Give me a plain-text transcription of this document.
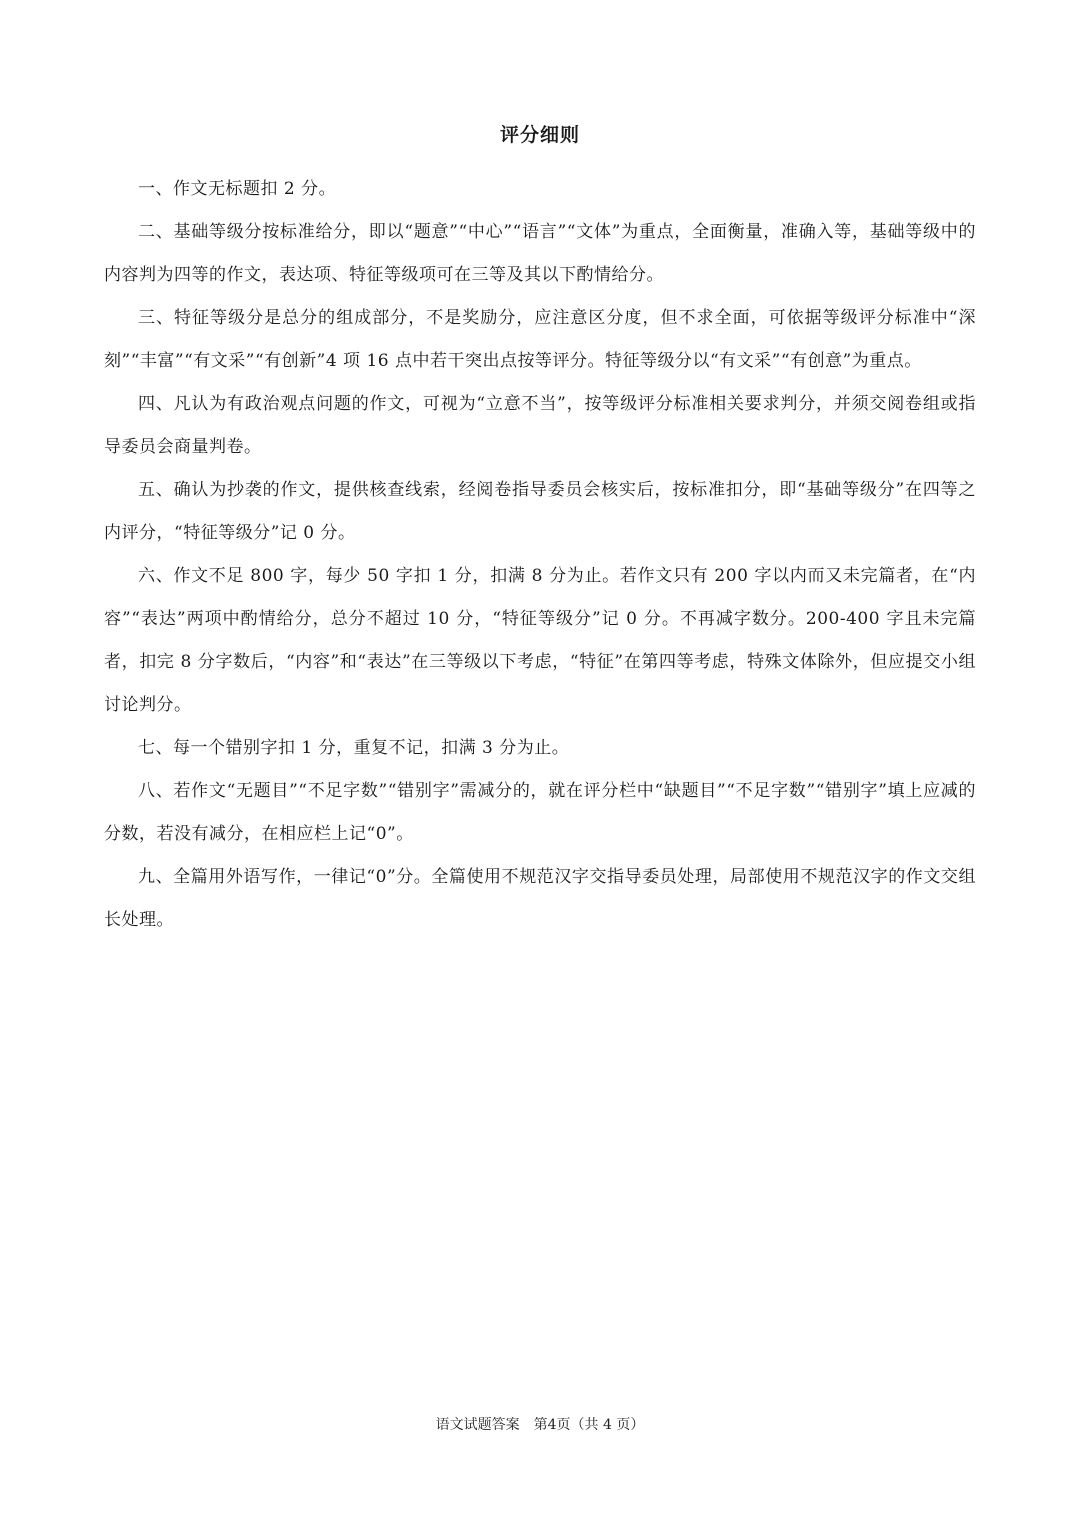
评分细则

一、作文无标题扣 2 分。

二、基础等级分按标准给分，即以“题意”“中心”“语言”“文体”为重点，全面衡量，准确入等，基础等级中的内容判为四等的作文，表达项、特征等级项可在三等及其以下酌情给分。

三、特征等级分是总分的组成部分，不是奖励分，应注意区分度，但不求全面，可依据等级评分标准中“深刻”“丰富”“有文采”“有创新”4 项 16 点中若干突出点按等评分。特征等级分以“有文采”“有创意”为重点。

四、凡认为有政治观点问题的作文，可视为“立意不当”，按等级评分标准相关要求判分，并须交阅卷组或指导委员会商量判卷。

五、确认为抄袭的作文，提供核查线索，经阅卷指导委员会核实后，按标准扣分，即“基础等级分”在四等之内评分，“特征等级分”记 0 分。

六、作文不足 800 字，每少 50 字扣 1 分，扣满 8 分为止。若作文只有 200 字以内而又未完篇者，在“内容”“表达”两项中酌情给分，总分不超过 10 分，“特征等级分”记 0 分。不再减字数分。200-400 字且未完篇者，扣完 8 分字数后，“内容”和“表达”在三等级以下考虑，“特征”在第四等考虑，特殊文体除外，但应提交小组讨论判分。

七、每一个错别字扣 1 分，重复不记，扣满 3 分为止。

八、若作文“无题目”“不足字数”“错别字”需减分的，就在评分栏中“缺题目”“不足字数”“错别字”填上应减的分数，若没有减分，在相应栏上记“0”。

九、全篇用外语写作，一律记“0”分。全篇使用不规范汉字交指导委员处理，局部使用不规范汉字的作文交组长处理。

语文试题答案　第4页（共 4 页）
